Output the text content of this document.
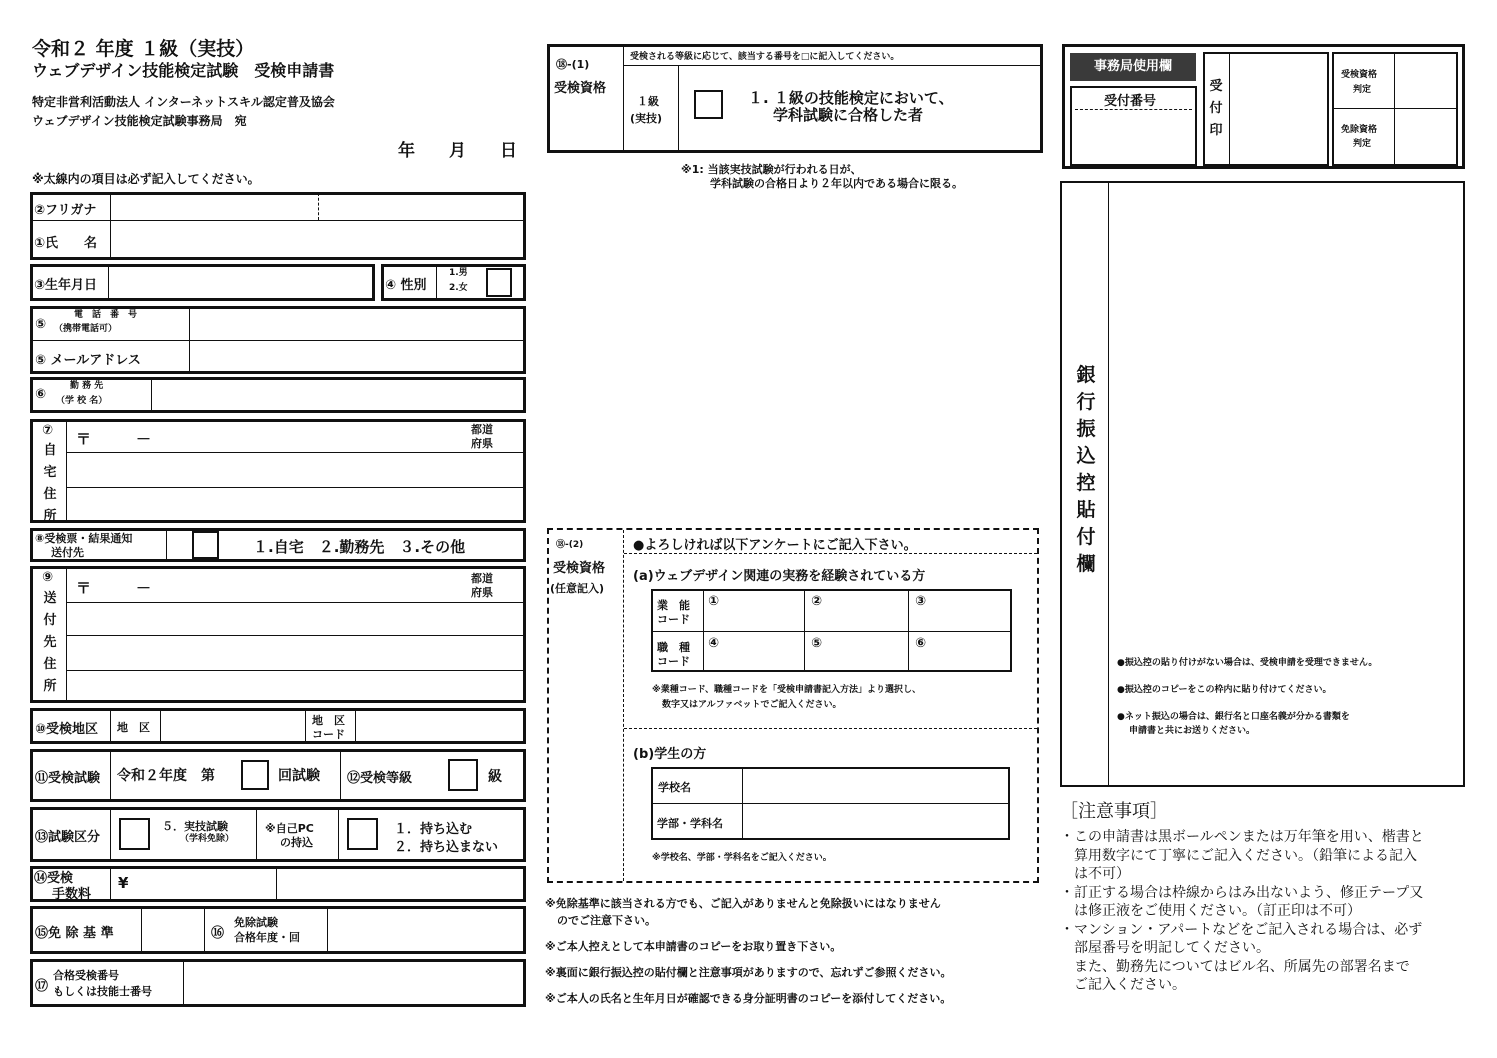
令和２ 年度 １級（実技）
ウェブデザイン技能検定試験　受検申請書
特定非営利活動法人 インターネットスキル認定普及協会
ウェブデザイン技能検定試験事務局　宛
年　　月　　日
※太線内の項目は必ず記入してください。
②フリガナ
①氏　　名
③生年月日	④ 性別
1.男
2.女
⑤
電　話　番　号
（携帯電話可）
⑤ メールアドレス
⑥
勤 務 先
（学 校 名）
⑦
自
宅
住
所
〒　　　－
都道
府県
⑧受検票・結果通知
送付先	１.自宅　２.勤務先　３.その他
⑨
送
付
先
住
所
〒　　　－
都道
府県
⑩受検地区 地　区
地　区
コード
⑪受検試験 令和２年度　第	回試験 ⑫受検等級	級
⑬試験区分
５．実技試験
（学科免除）
※自己PC
の持込
１．持ち込む
２．持ち込まない
⑭受検
手数料
¥
⑮免 除 基 準	⑯
免除試験
合格年度・回
⑰
合格受検番号
もしくは技能士番号
⑱-(1)
受検資格
受検される等級に応じて、該当する番号を□に記入してください。
１級
(実技)
１. １級の技能検定において、
学科試験に合格した者
※1: 当該実技試験が行われる日が、
学科試験の合格日より２年以内である場合に限る。
⑱-(2)
受検資格
(任意記入)
●よろしければ以下アンケートにご記入下さい。
(a)ウェブデザイン関連の実務を経験されている方
業　能
コード
職　種
コード
①	②	③
④	⑤	⑥
※業種コード、職種コードを「受検申請書記入方法」より選択し、
数字又はアルファベットでご記入ください。
(b)学生の方
学校名
学部・学科名
※学校名、学部・学科名をご記入ください。
※免除基準に該当される方でも、ご記入がありませんと免除扱いにはなりません
のでご注意下さい。
※ご本人控えとして本申請書のコピーをお取り置き下さい。
※裏面に銀行振込控の貼付欄と注意事項がありますので、忘れずご参照ください。
※ご本人の氏名と生年月日が確認できる身分証明書のコピーを添付してください。
事務局使用欄
受付番号
受
付
印
受検資格
判定
免除資格
判定
銀
行
振
込
控
貼
付
欄
●振込控の貼り付けがない場合は、受検申請を受理できません。
●振込控のコピーをこの枠内に貼り付けてください。
●ネット振込の場合は、銀行名と口座名義が分かる書類を
申請書と共にお送りください。
［注意事項］
・この申請書は黒ボールペンまたは万年筆を用い、楷書と
　算用数字にて丁寧にご記入ください。（鉛筆による記入
　は不可）
・訂正する場合は枠線からはみ出ないよう、修正テープ又
　は修正液をご使用ください。（訂正印は不可）
・マンション・アパートなどをご記入される場合は、必ず
　部屋番号を明記してください。
　また、勤務先についてはビル名、所属先の部署名まで
　ご記入ください。
